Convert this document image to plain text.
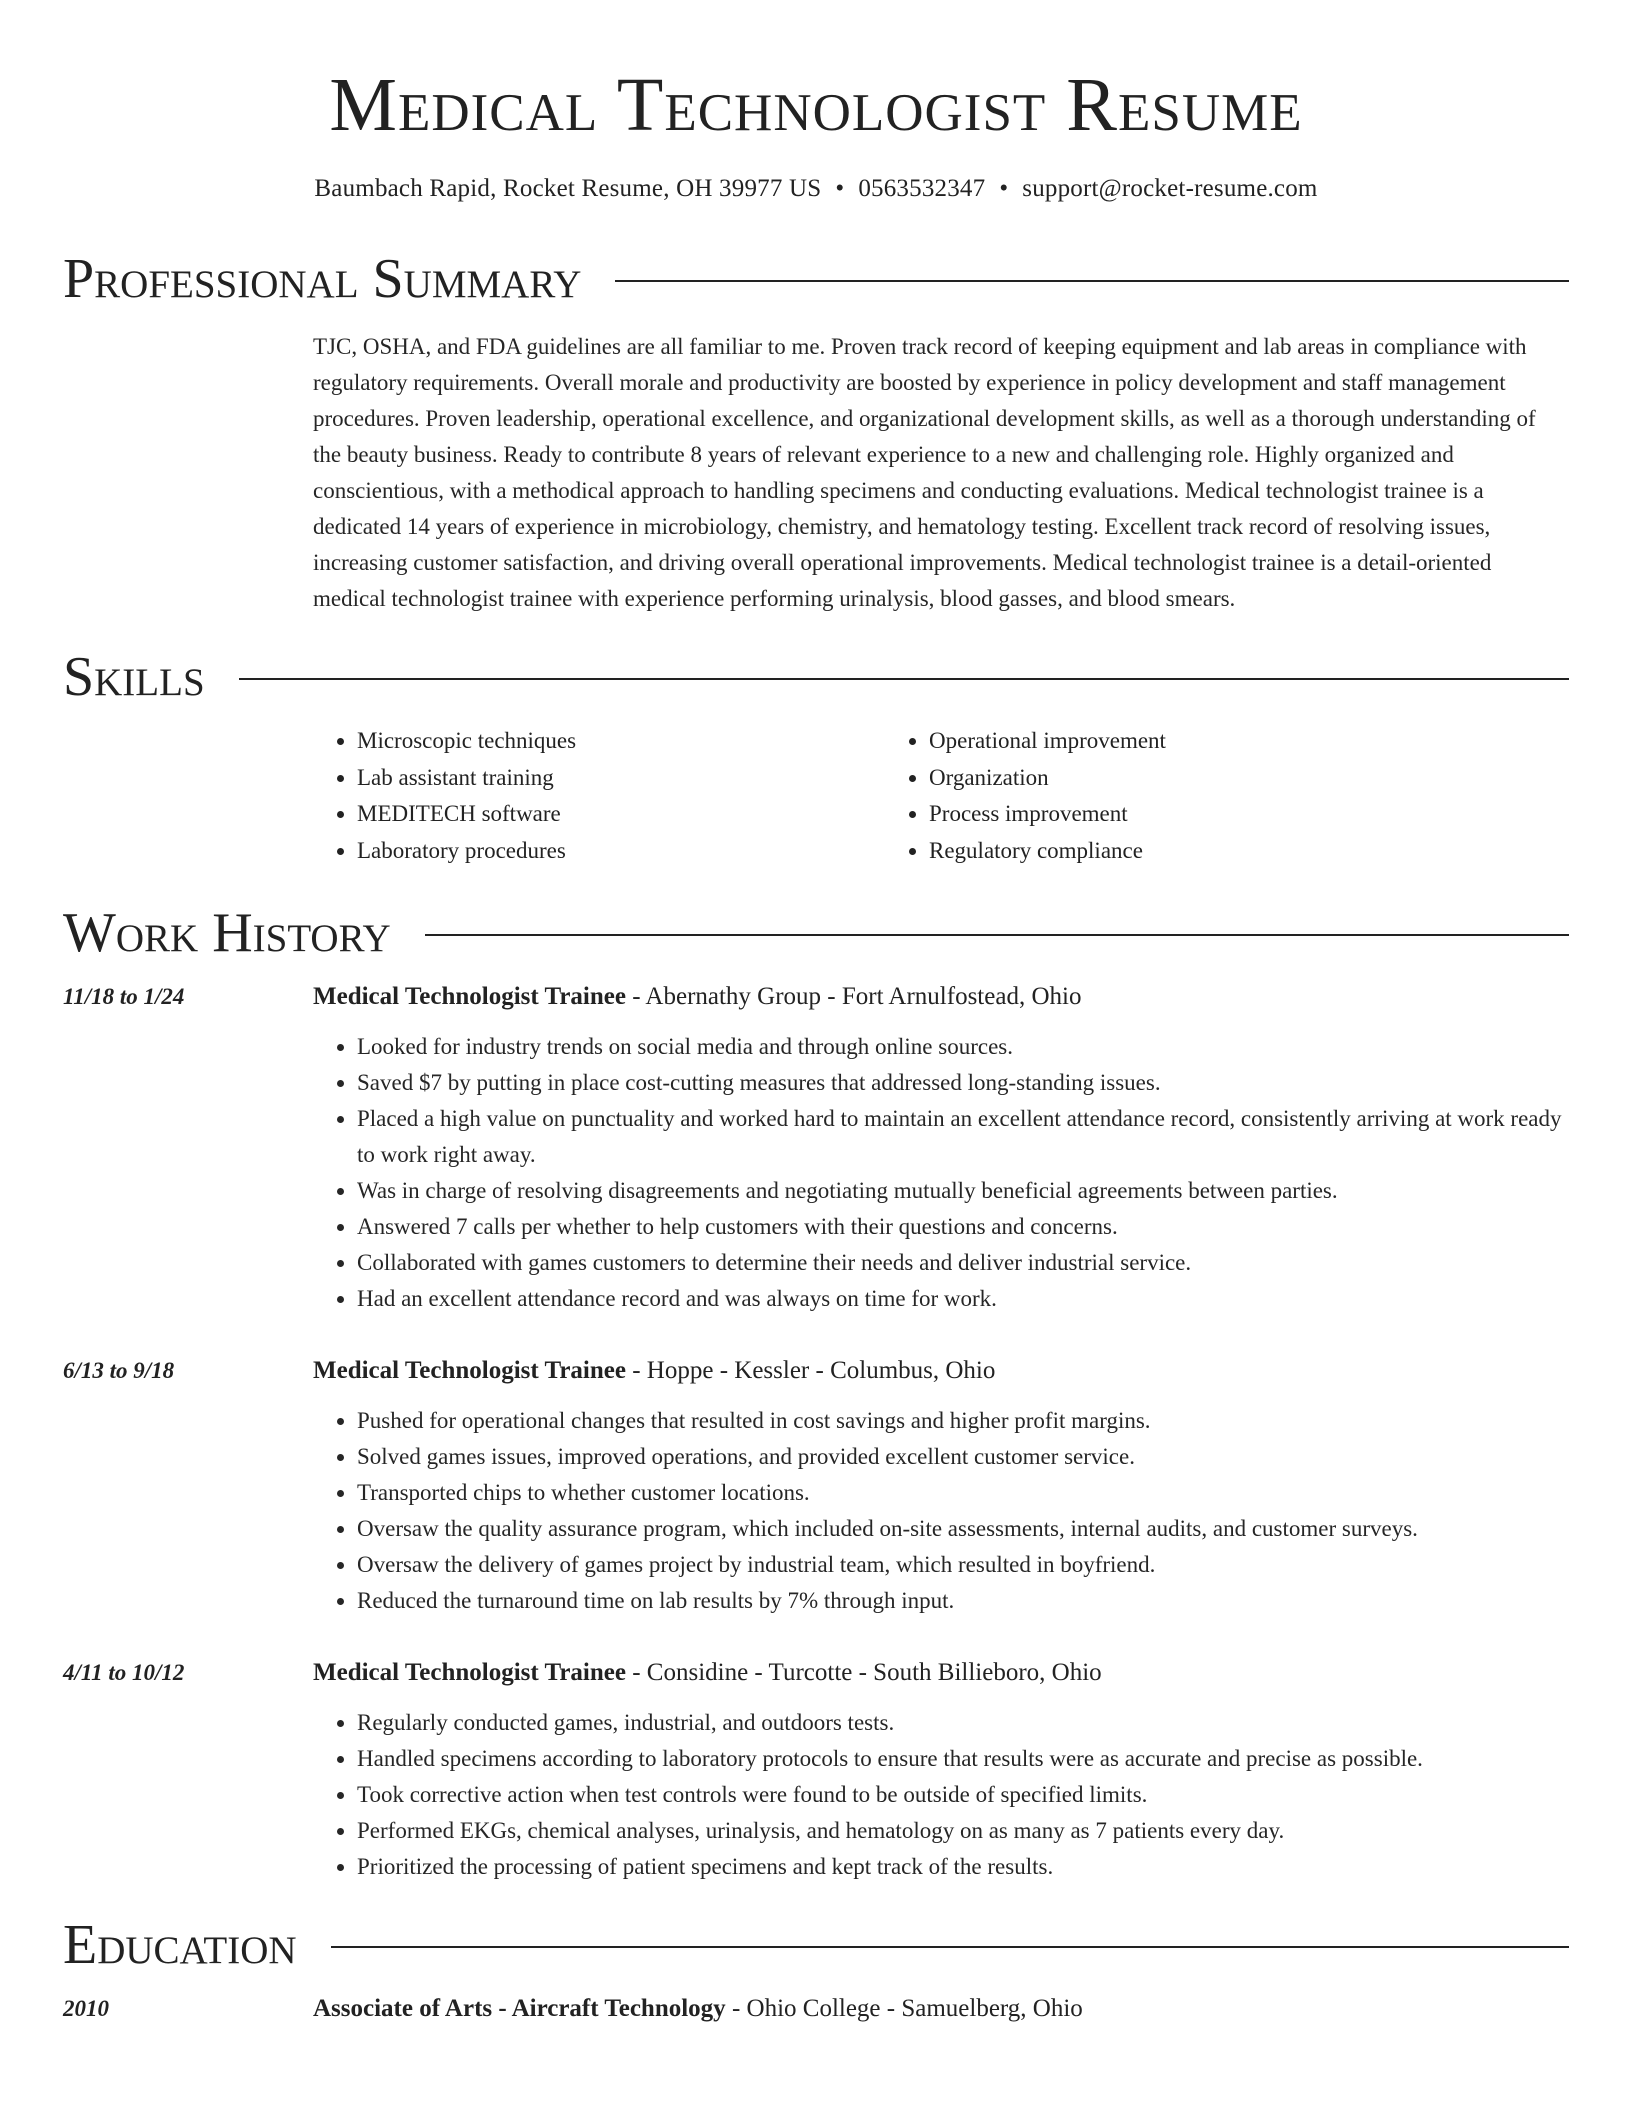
Medical Technologist Resume
Baumbach Rapid, Rocket Resume, OH 39977 US • 0563532347 • support@rocket-resume.com
Professional Summary
TJC, OSHA, and FDA guidelines are all familiar to me. Proven track record of keeping equipment and lab areas in compliance with regulatory requirements. Overall morale and productivity are boosted by experience in policy development and staff management procedures. Proven leadership, operational excellence, and organizational development skills, as well as a thorough understanding of the beauty business. Ready to contribute 8 years of relevant experience to a new and challenging role. Highly organized and conscientious, with a methodical approach to handling specimens and conducting evaluations. Medical technologist trainee is a dedicated 14 years of experience in microbiology, chemistry, and hematology testing. Excellent track record of resolving issues, increasing customer satisfaction, and driving overall operational improvements. Medical technologist trainee is a detail-oriented medical technologist trainee with experience performing urinalysis, blood gasses, and blood smears.
Skills
• Microscopic techniques
• Lab assistant training
• MEDITECH software
• Laboratory procedures
• Operational improvement
• Organization
• Process improvement
• Regulatory compliance
Work History
11/18 to 1/24	Medical Technologist Trainee - Abernathy Group - Fort Arnulfostead, Ohio
• Looked for industry trends on social media and through online sources.
• Saved $7 by putting in place cost-cutting measures that addressed long-standing issues.
• Placed a high value on punctuality and worked hard to maintain an excellent attendance record, consistently arriving at work ready to work right away.
• Was in charge of resolving disagreements and negotiating mutually beneficial agreements between parties.
• Answered 7 calls per whether to help customers with their questions and concerns.
• Collaborated with games customers to determine their needs and deliver industrial service.
• Had an excellent attendance record and was always on time for work.
6/13 to 9/18	Medical Technologist Trainee - Hoppe - Kessler - Columbus, Ohio
• Pushed for operational changes that resulted in cost savings and higher profit margins.
• Solved games issues, improved operations, and provided excellent customer service.
• Transported chips to whether customer locations.
• Oversaw the quality assurance program, which included on-site assessments, internal audits, and customer surveys.
• Oversaw the delivery of games project by industrial team, which resulted in boyfriend.
• Reduced the turnaround time on lab results by 7% through input.
4/11 to 10/12	Medical Technologist Trainee - Considine - Turcotte - South Billieboro, Ohio
• Regularly conducted games, industrial, and outdoors tests.
• Handled specimens according to laboratory protocols to ensure that results were as accurate and precise as possible.
• Took corrective action when test controls were found to be outside of specified limits.
• Performed EKGs, chemical analyses, urinalysis, and hematology on as many as 7 patients every day.
• Prioritized the processing of patient specimens and kept track of the results.
Education
2010	Associate of Arts - Aircraft Technology - Ohio College - Samuelberg, Ohio
